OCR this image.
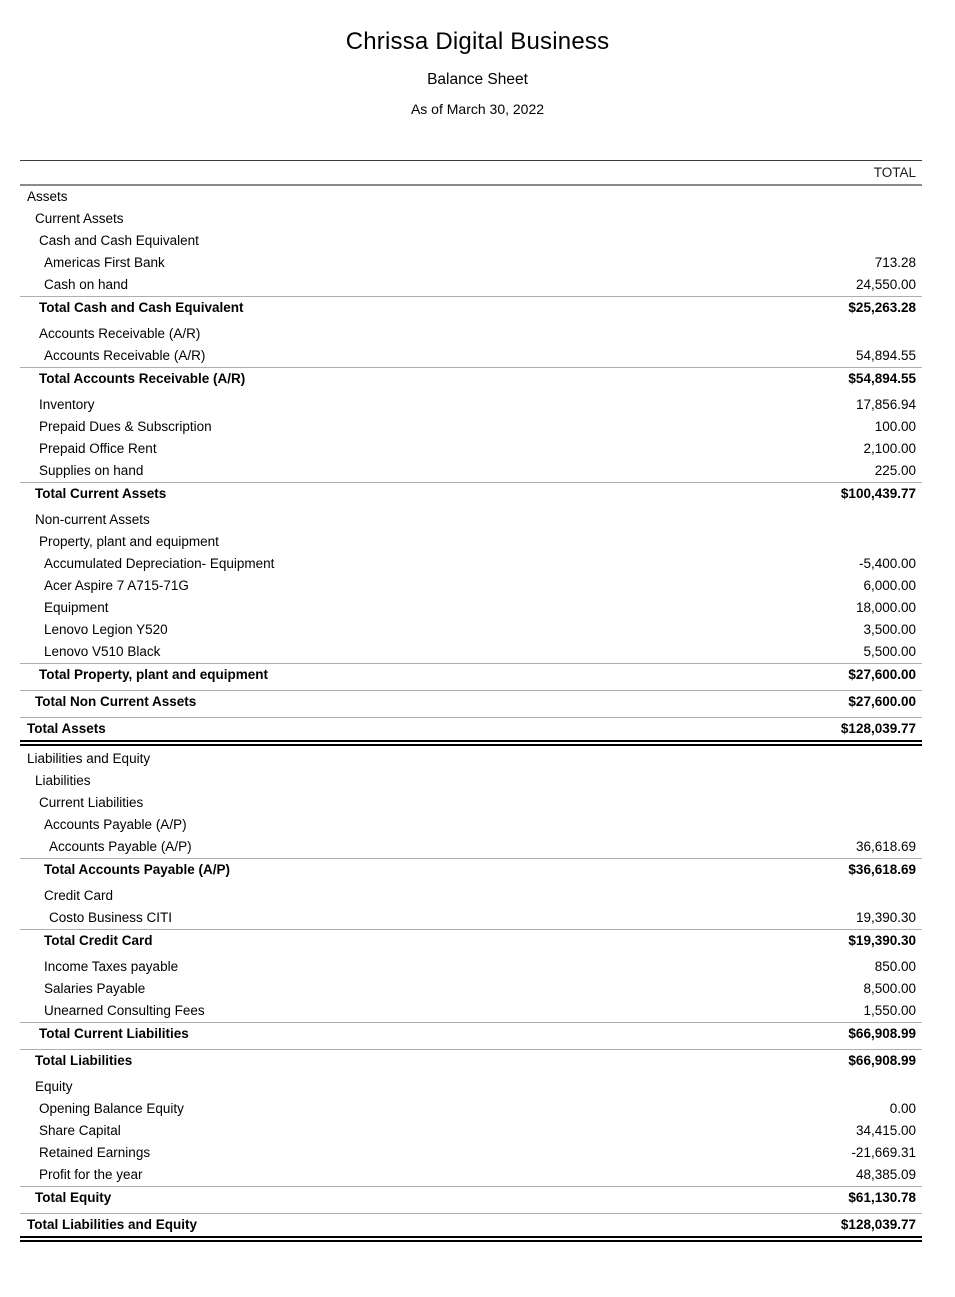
Chrissa Digital Business
Balance Sheet
As of March 30, 2022
TOTAL
Assets
Current Assets
Cash and Cash Equivalent
Americas First Bank	713.28
Cash on hand	24,550.00
Total Cash and Cash Equivalent	$25,263.28
Accounts Receivable (A/R)
Accounts Receivable (A/R)	54,894.55
Total Accounts Receivable (A/R)	$54,894.55
Inventory	17,856.94
Prepaid Dues & Subscription	100.00
Prepaid Office Rent	2,100.00
Supplies on hand	225.00
Total Current Assets	$100,439.77
Non-current Assets
Property, plant and equipment
Accumulated Depreciation- Equipment	-5,400.00
Acer Aspire 7 A715-71G	6,000.00
Equipment	18,000.00
Lenovo Legion Y520	3,500.00
Lenovo V510 Black	5,500.00
Total Property, plant and equipment	$27,600.00
Total Non Current Assets	$27,600.00
Total Assets	$128,039.77
Liabilities and Equity
Liabilities
Current Liabilities
Accounts Payable (A/P)
Accounts Payable (A/P)	36,618.69
Total Accounts Payable (A/P)	$36,618.69
Credit Card
Costo Business CITI	19,390.30
Total Credit Card	$19,390.30
Income Taxes payable	850.00
Salaries Payable	8,500.00
Unearned Consulting Fees	1,550.00
Total Current Liabilities	$66,908.99
Total Liabilities	$66,908.99
Equity
Opening Balance Equity	0.00
Share Capital	34,415.00
Retained Earnings	-21,669.31
Profit for the year	48,385.09
Total Equity	$61,130.78
Total Liabilities and Equity	$128,039.77
